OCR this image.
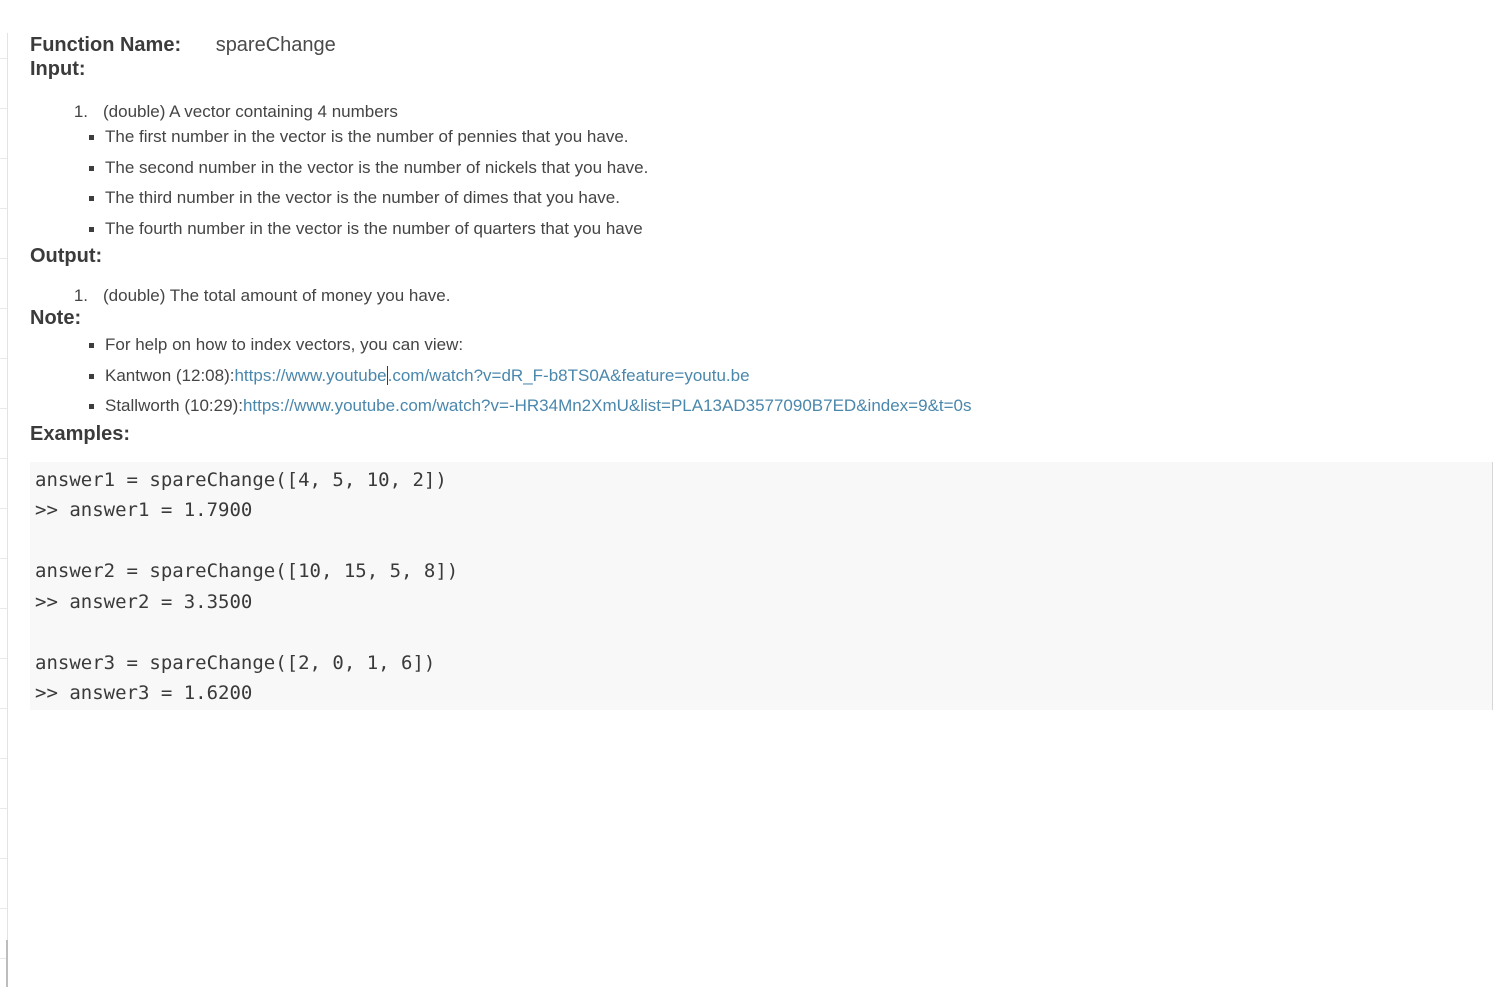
Function Name: spareChange
Input:
1. (double) A vector containing 4 numbers
The first number in the vector is the number of pennies that you have.
The second number in the vector is the number of nickels that you have.
The third number in the vector is the number of dimes that you have.
The fourth number in the vector is the number of quarters that you have
Output:
1. (double) The total amount of money you have.
Note:
For help on how to index vectors, you can view:
Kantwon (12:08): https://www.youtube.com/watch?v=dR_F-b8TS0A&feature=youtu.be
Stallworth (10:29): https://www.youtube.com/watch?v=-HR34Mn2XmU&list=PLA13AD3577090B7ED&index=9&t=0s
Examples:
answer1 = spareChange([4, 5, 10, 2])
>> answer1 = 1.7900
answer2 = spareChange([10, 15, 5, 8])
>> answer2 = 3.3500
answer3 = spareChange([2, 0, 1, 6])
>> answer3 = 1.6200
